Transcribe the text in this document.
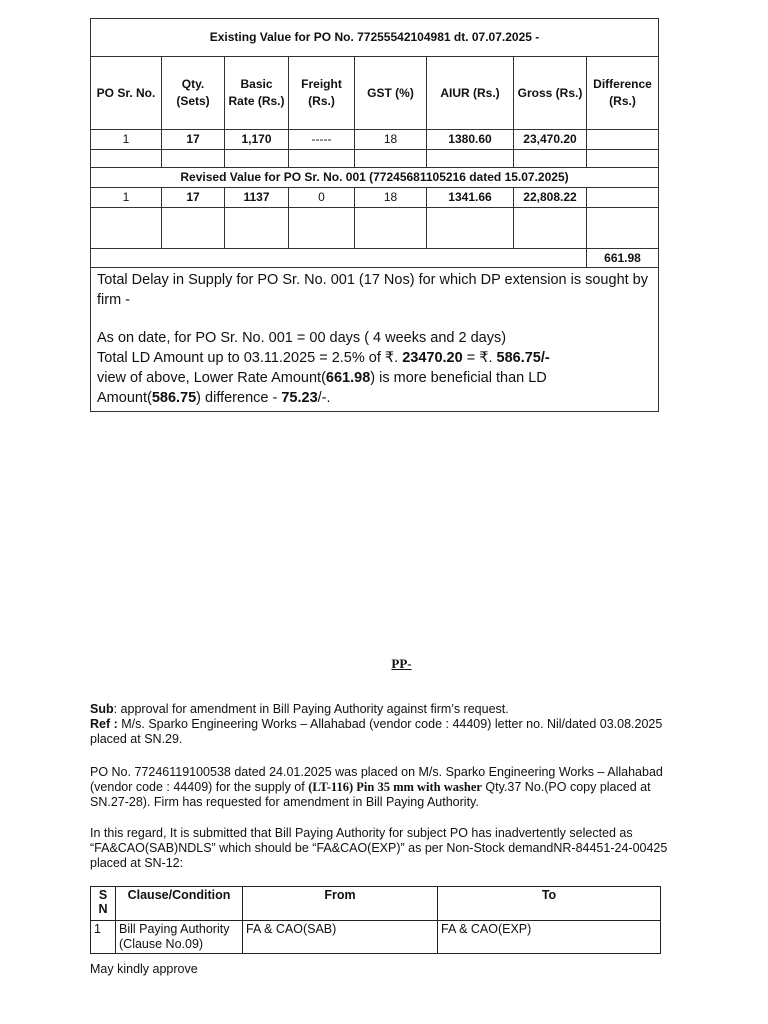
Existing Value for PO No. 77255542104981 dt. 07.07.2025 -							
PO Sr. No.	Qty. (Sets)	Basic Rate (Rs.)	Freight (Rs.)	GST (%)	AIUR (Rs.)	Gross (Rs.)	Difference (Rs.)
1	17	1,170	-----	18	1380.60	23,470.20	

Revised Value for PO Sr. No. 001 (77245681105216 dated 15.07.2025)							
1	17	1137	0	18	1341.66	22,808.22	

							661.98

Total Delay in Supply for PO Sr. No. 001 (17 Nos) for which DP extension is sought by firm -

As on date, for PO Sr. No. 001 = 00 days ( 4 weeks and 2 days)

Total LD Amount up to 03.11.2025 = 2.5% of ₹. 23470.20 = ₹. 586.75/-

view of above, Lower Rate Amount(661.98) is more beneficial than LD Amount(586.75) difference - 75.23/-.							

PP-

Sub: approval for amendment in Bill Paying Authority against firm’s request.

Ref : M/s. Sparko Engineering Works – Allahabad (vendor code : 44409) letter no. Nil/dated 03.08.2025 placed at SN.29.

PO No. 77246119100538 dated 24.01.2025 was placed on M/s. Sparko Engineering Works – Allahabad (vendor code : 44409) for the supply of (LT-116) Pin 35 mm with washer Qty.37 No.(PO copy placed at SN.27-28). Firm has requested for amendment in Bill Paying Authority.

In this regard, It is submitted that Bill Paying Authority for subject PO has inadvertently selected as “FA&CAO(SAB)NDLS” which should be “FA&CAO(EXP)” as per Non-Stock demandNR-84451-24-00425 placed at SN-12:

S N	Clause/Condition	From	To
1	Bill Paying Authority (Clause No.09)	FA & CAO(SAB)	FA & CAO(EXP)

May kindly approve
